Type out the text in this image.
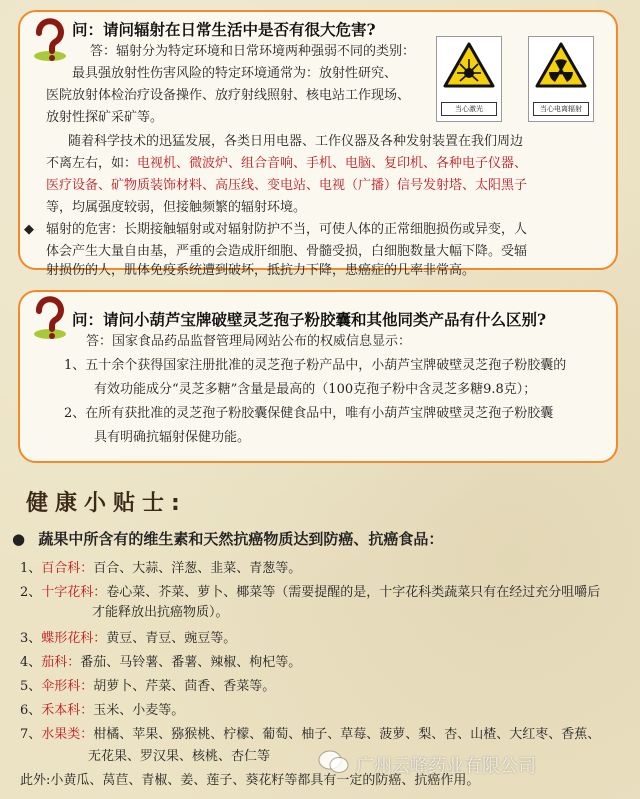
问：请问辐射在日常生活中是否有很大危害?
答：辐射分为特定环境和日常环境两种强弱不同的类别：
最具强放射性伤害风险的特定环境通常为：放射性研究、
医院放射体检治疗设备操作、放疗射线照射、核电站工作现场、
放射性探矿采矿等。
随着科学技术的迅猛发展，各类日用电器、工作仪器及各种发射装置在我们周边
不离左右，如：电视机、微波炉、组合音响、手机、电脑、复印机、各种电子仪器、
医疗设备、矿物质装饰材料、高压线、变电站、电视（广播）信号发射塔、太阳黑子
等，均属强度较弱，但接触频繁的辐射环境。
◆ 辐射的危害：长期接触辐射或对辐射防护不当，可使人体的正常细胞损伤或异变，人
体会产生大量自由基，严重的会造成肝细胞、骨髓受损，白细胞数量大幅下降。受辐
射损伤的人，肌体免疫系统遭到破坏，抵抗力下降，患癌症的几率非常高。
当心激光	当心电离辐射
问：请问小葫芦宝牌破壁灵芝孢子粉胶囊和其他同类产品有什么区别?
答：国家食品药品监督管理局网站公布的权威信息显示：
1、五十余个获得国家注册批准的灵芝孢子粉产品中，小葫芦宝牌破壁灵芝孢子粉胶囊的
有效功能成分“灵芝多糖”含量是最高的（100克孢子粉中含灵芝多糖9.8克）；
2、在所有获批准的灵芝孢子粉胶囊保健食品中，唯有小葫芦宝牌破壁灵芝孢子粉胶囊
具有明确抗辐射保健功能。
健康小贴士:
● 蔬果中所含有的维生素和天然抗癌物质达到防癌、抗癌食品：
1、百合科：百合、大蒜、洋葱、韭菜、青葱等。
2、十字花科：卷心菜、芥菜、萝卜、椰菜等（需要提醒的是，十字花科类蔬菜只有在经过充分咀嚼后
才能释放出抗癌物质）。
3、蝶形花科：黄豆、青豆、豌豆等。
4、茄科：番茄、马铃薯、番薯、辣椒、枸杞等。
5、伞形科：胡萝卜、芹菜、茴香、香菜等。
6、禾本科：玉米、小麦等。
7、水果类：柑橘、苹果、猕猴桃、柠檬、葡萄、柚子、草莓、菠萝、梨、杏、山楂、大红枣、香蕉、
无花果、罗汉果、核桃、杏仁等
此外:小黄瓜、莴苣、青椒、姜、莲子、葵花籽等都具有一定的防癌、抗癌作用。
广州云峰药业有限公司
